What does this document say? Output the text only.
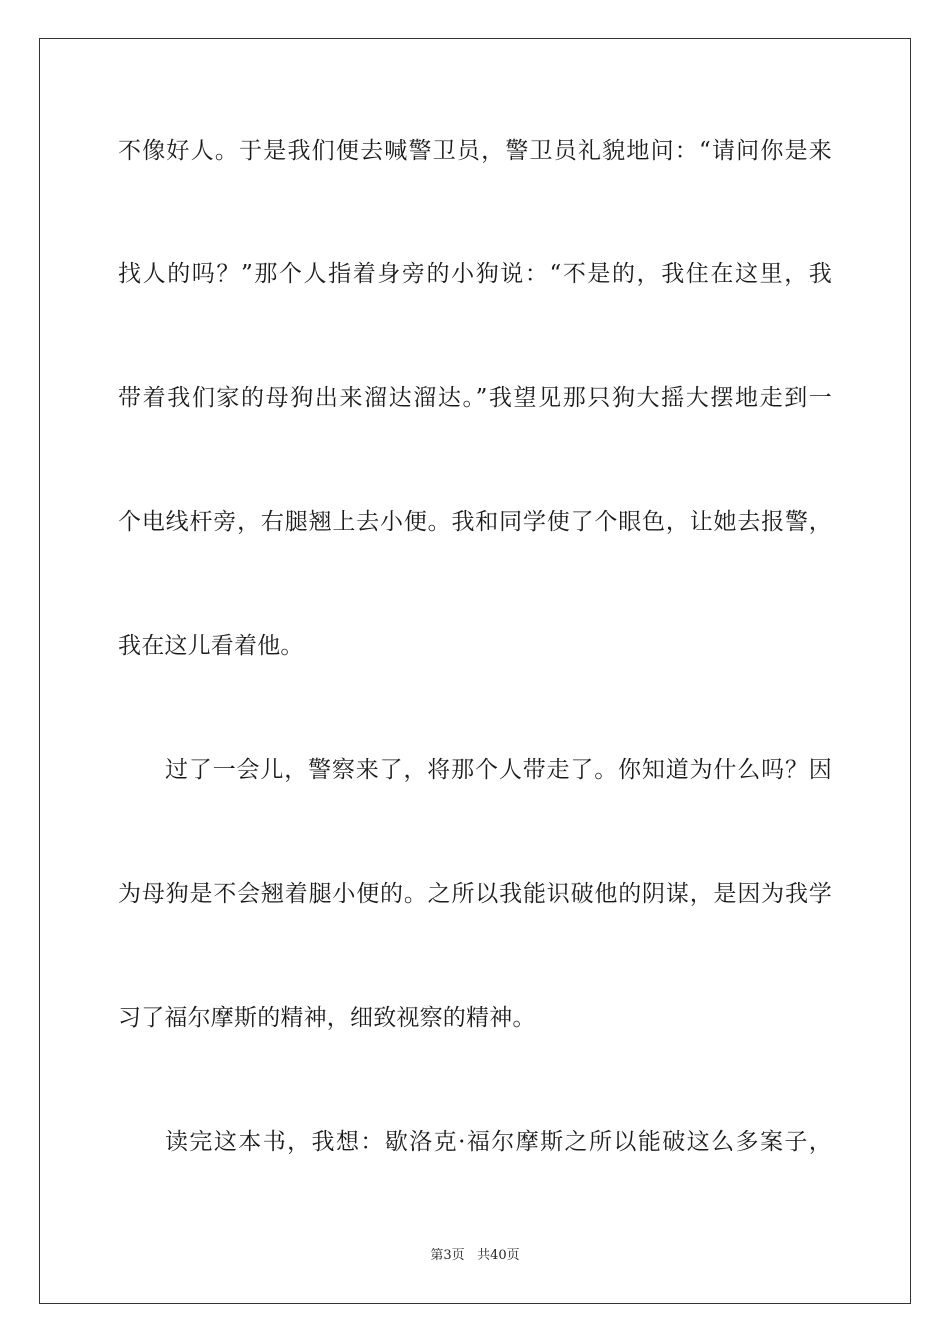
不像好人。于是我们便去喊警卫员，警卫员礼貌地问：“请问你是来
找人的吗？”那个人指着身旁的小狗说：“不是的，我住在这里，我
带着我们家的母狗出来溜达溜达。”我望见那只狗大摇大摆地走到一
个电线杆旁，右腿翘上去小便。我和同学使了个眼色，让她去报警，
我在这儿看着他。
过了一会儿，警察来了，将那个人带走了。你知道为什么吗？因
为母狗是不会翘着腿小便的。之所以我能识破他的阴谋，是因为我学
习了福尔摩斯的精神，细致视察的精神。
读完这本书，我想：歇洛克·福尔摩斯之所以能破这么多案子，
第3页 共40页
